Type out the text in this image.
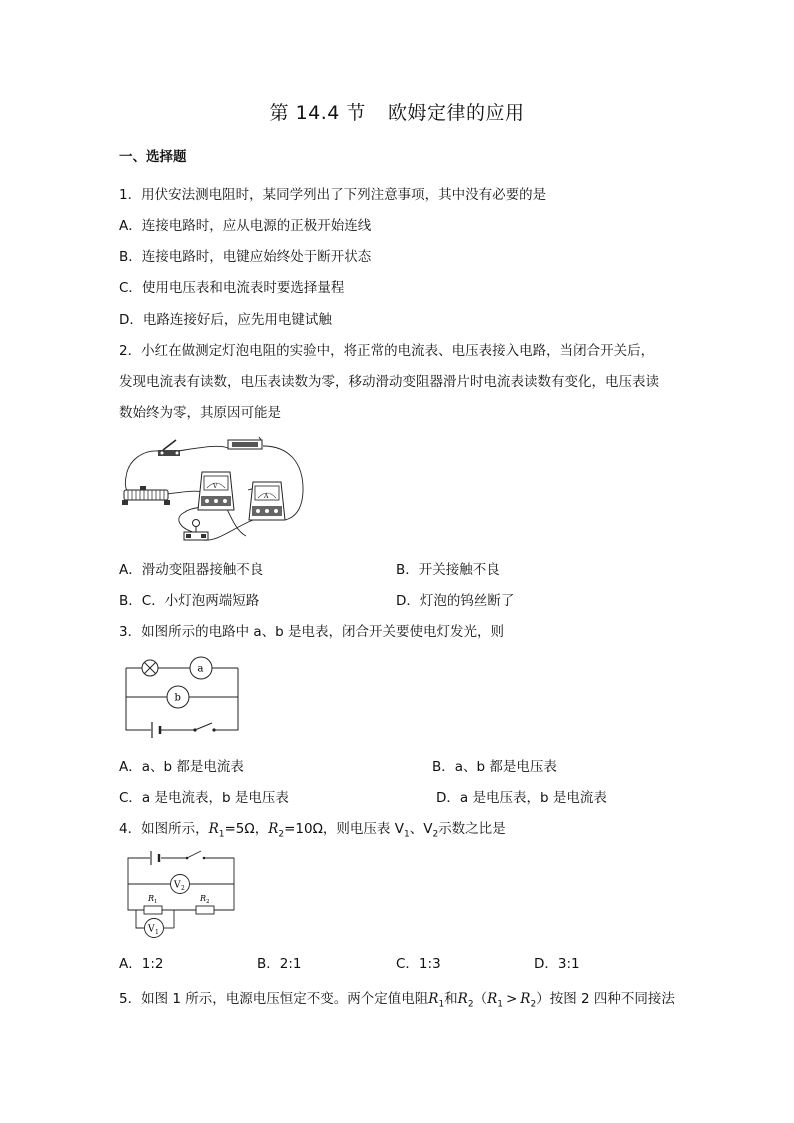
第 14.4 节 欧姆定律的应用
一、选择题
1．用伏安法测电阻时，某同学列出了下列注意事项，其中没有必要的是
A．连接电路时，应从电源的正极开始连线
B．连接电路时，电键应始终处于断开状态
C．使用电压表和电流表时要选择量程
D．电路连接好后，应先用电键试触
2．小红在做测定灯泡电阻的实验中，将正常的电流表、电压表接入电路，当闭合开关后，
发现电流表有读数，电压表读数为零，移动滑动变阻器滑片时电流表读数有变化，电压表读
数始终为零，其原因可能是
V
A
A．滑动变阻器接触不良	B．开关接触不良
B．C．小灯泡两端短路	D．灯泡的钨丝断了
3．如图所示的电路中 a、b 是电表，闭合开关要使电灯发光，则
a
b
A．a、b 都是电流表	B．a、b 都是电压表
C．a 是电流表，b 是电压表	D．a 是电压表，b 是电流表
4．如图所示，$R_1=5\Omega$，$R_2=10\Omega$，则电压表 $V_1$、$V_2$示数之比是
V 2
R 1	R 2
V 1
A．1:2	B．2:1	C．1:3	D．3:1
5．如图 1 所示，电源电压恒定不变。两个定值电阻$R_1$和$R_2(R_1 > R_2)$按图 2 四种不同接法
